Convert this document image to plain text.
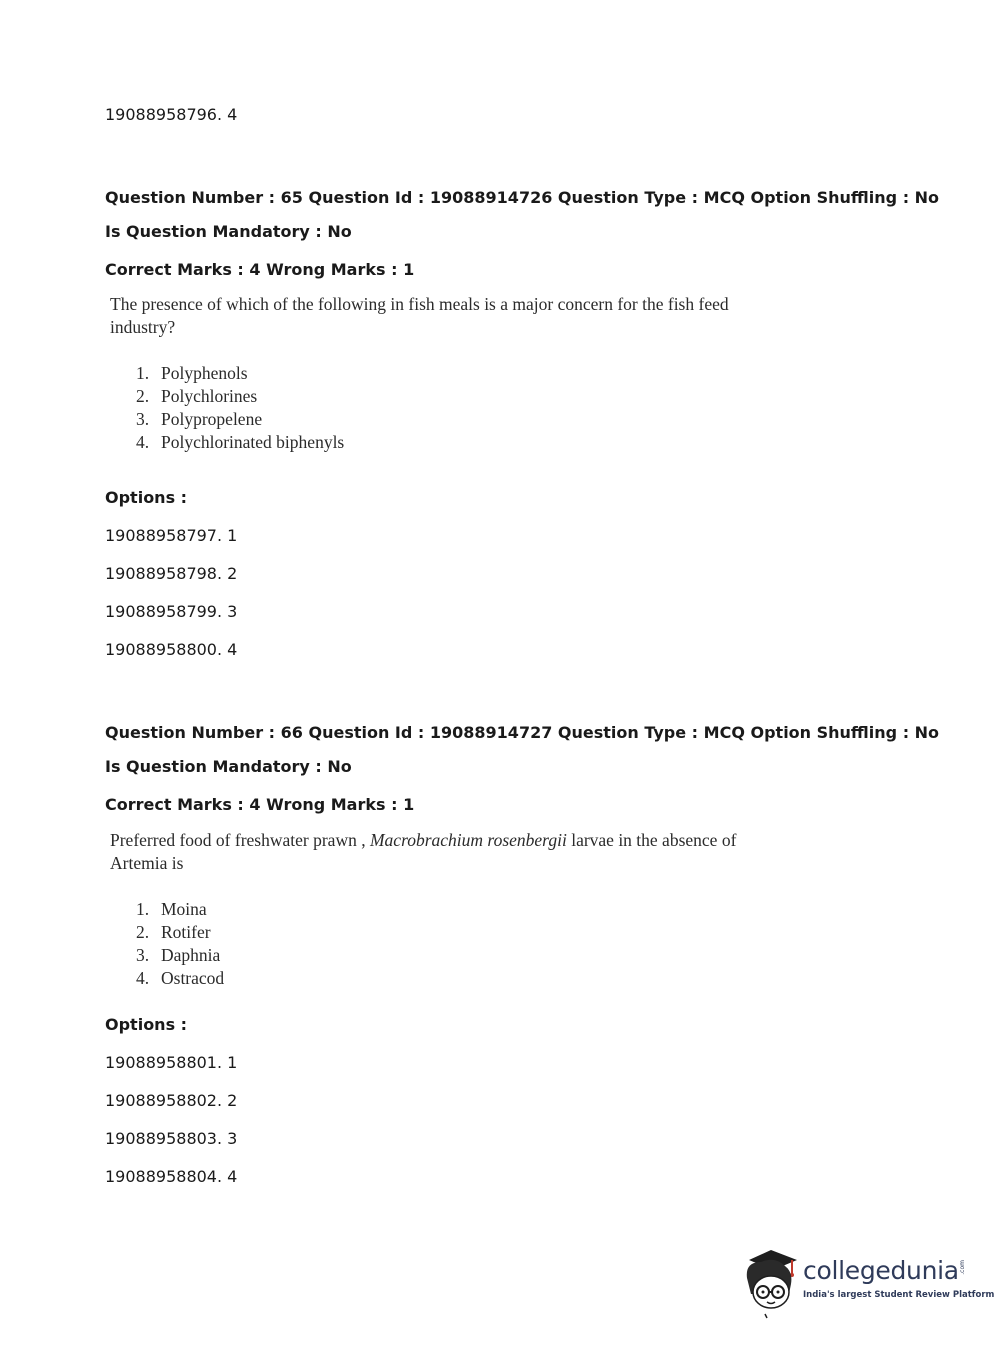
19088958796. 4
Question Number : 65 Question Id : 19088914726 Question Type : MCQ Option Shuffling : No
Is Question Mandatory : No
Correct Marks : 4 Wrong Marks : 1
The presence of which of the following in fish meals is a major concern for the fish feed
industry?
1. Polyphenols
2. Polychlorines
3. Polypropelene
4. Polychlorinated biphenyls
Options :
19088958797. 1
19088958798. 2
19088958799. 3
19088958800. 4
Question Number : 66 Question Id : 19088914727 Question Type : MCQ Option Shuffling : No
Is Question Mandatory : No
Correct Marks : 4 Wrong Marks : 1
Preferred food of freshwater prawn , Macrobrachium rosenbergii larvae in the absence of
Artemia is
1. Moina
2. Rotifer
3. Daphnia
4. Ostracod
Options :
19088958801. 1
19088958802. 2
19088958803. 3
19088958804. 4
collegedunia .com
India's largest Student Review Platform
